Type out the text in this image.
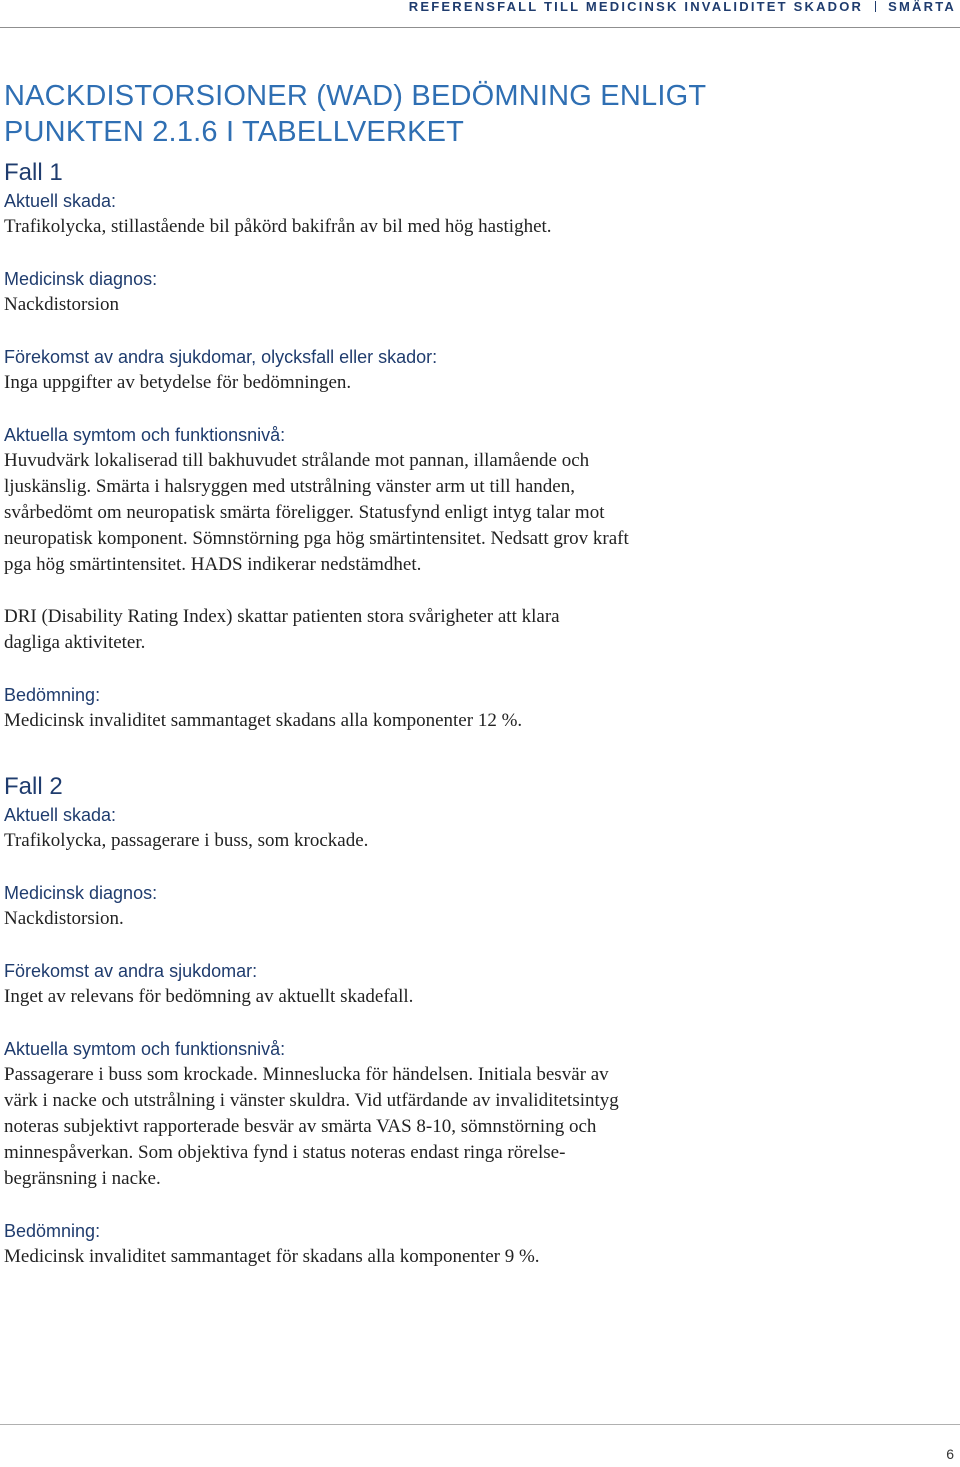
REFERENSFALL TILL MEDICINSK INVALIDITET SKADOR SMÄRTA
NACKDISTORSIONER (WAD) BEDÖMNING ENLIGT
PUNKTEN 2.1.6 I TABELLVERKET
Fall 1

Aktuell skada:

Trafikolycka, stillastående bil påkörd bakifrån av bil med hög hastighet.

Medicinsk diagnos:

Nackdistorsion

Förekomst av andra sjukdomar, olycksfall eller skador:

Inga uppgifter av betydelse för bedömningen.

Aktuella symtom och funktionsnivå:

Huvudvärk lokaliserad till bakhuvudet strålande mot pannan, illamående och
ljuskänslig. Smärta i halsryggen med utstrålning vänster arm ut till handen,
svårbedömt om neuropatisk smärta föreligger. Statusfynd enligt intyg talar mot
neuropatisk komponent. Sömnstörning pga hög smärtintensitet. Nedsatt grov kraft
pga hög smärtintensitet. HADS indikerar nedstämdhet.

DRI (Disability Rating Index) skattar patienten stora svårigheter att klara
dagliga aktiviteter.

Bedömning:

Medicinsk invaliditet sammantaget skadans alla komponenter 12 %.

Fall 2

Aktuell skada:

Trafikolycka, passagerare i buss, som krockade.

Medicinsk diagnos:

Nackdistorsion.

Förekomst av andra sjukdomar:

Inget av relevans för bedömning av aktuellt skadefall.

Aktuella symtom och funktionsnivå:

Passagerare i buss som krockade. Minneslucka för händelsen. Initiala besvär av
värk i nacke och utstrålning i vänster skuldra. Vid utfärdande av invaliditetsintyg
noteras subjektivt rapporterade besvär av smärta VAS 8-10, sömnstörning och
minnespåverkan. Som objektiva fynd i status noteras endast ringa rörelse-
begränsning i nacke.

Bedömning:

Medicinsk invaliditet sammantaget för skadans alla komponenter 9 %.

6
